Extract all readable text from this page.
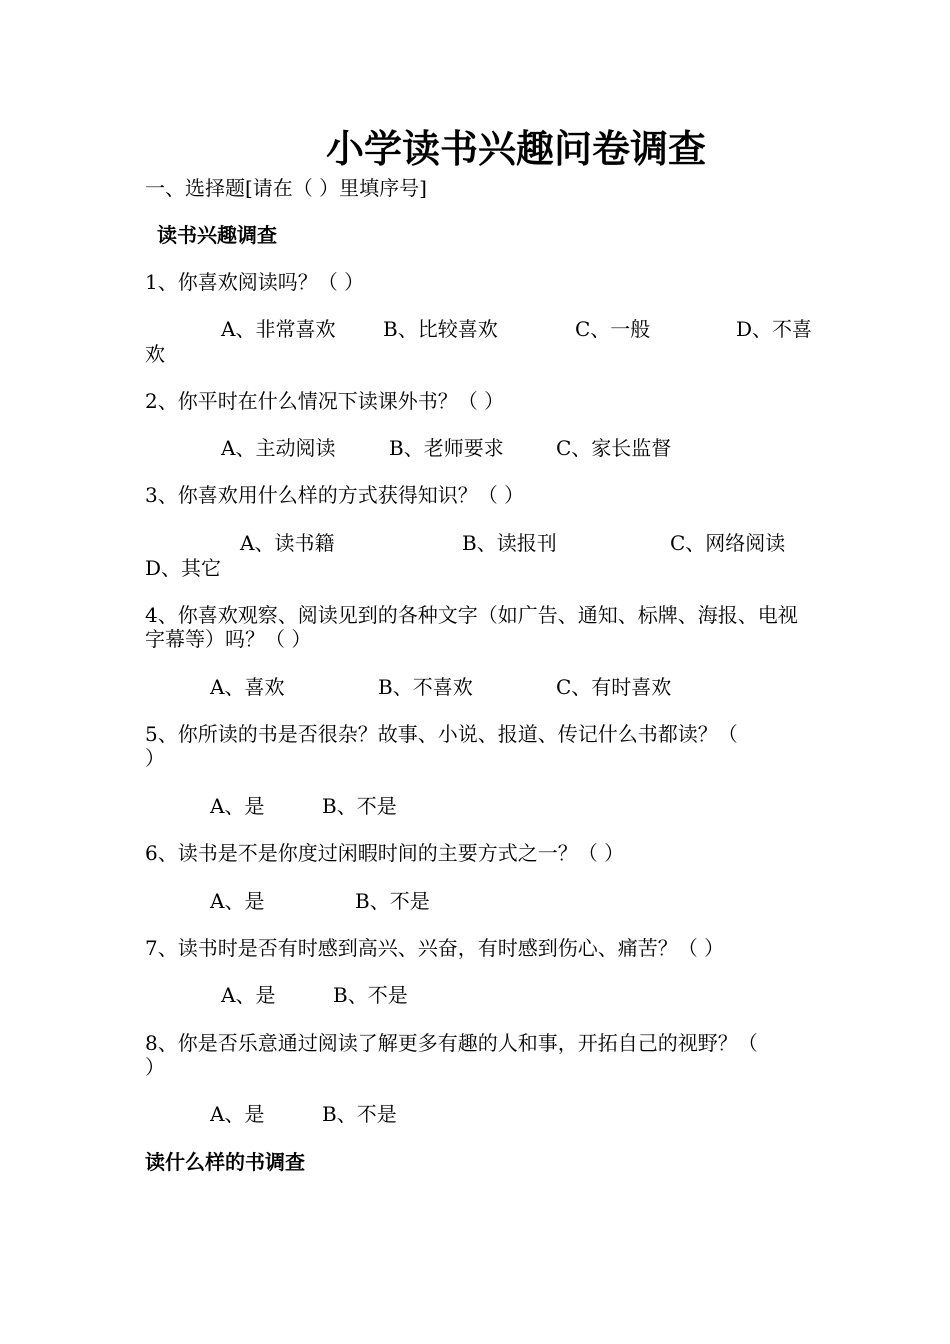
小学读书兴趣问卷调查
一、选择题[请在（ ）里填序号]
读书兴趣调查
1、你喜欢阅读吗？（ ）
A、非常喜欢 B、比较喜欢	C、一般	D、不喜
欢
2、你平时在什么情况下读课外书？（ ）
A、主动阅读	B、老师要求	C、家长监督
3、你喜欢用什么样的方式获得知识？（ ）
A、读书籍	B、读报刊	C、网络阅读
D、其它
4、你喜欢观察、阅读见到的各种文字（如广告、通知、标牌、海报、电视
字幕等）吗？（ ）
A、喜欢	B、不喜欢	C、有时喜欢
5、你所读的书是否很杂？故事、小说、报道、传记什么书都读？（
）
A、是	B、不是
6、读书是不是你度过闲暇时间的主要方式之一？（ ）
A、是	B、不是
7、读书时是否有时感到高兴、兴奋，有时感到伤心、痛苦？（ ）
A、是	B、不是
8、你是否乐意通过阅读了解更多有趣的人和事，开拓自己的视野？（
）
A、是	B、不是
读什么样的书调查
